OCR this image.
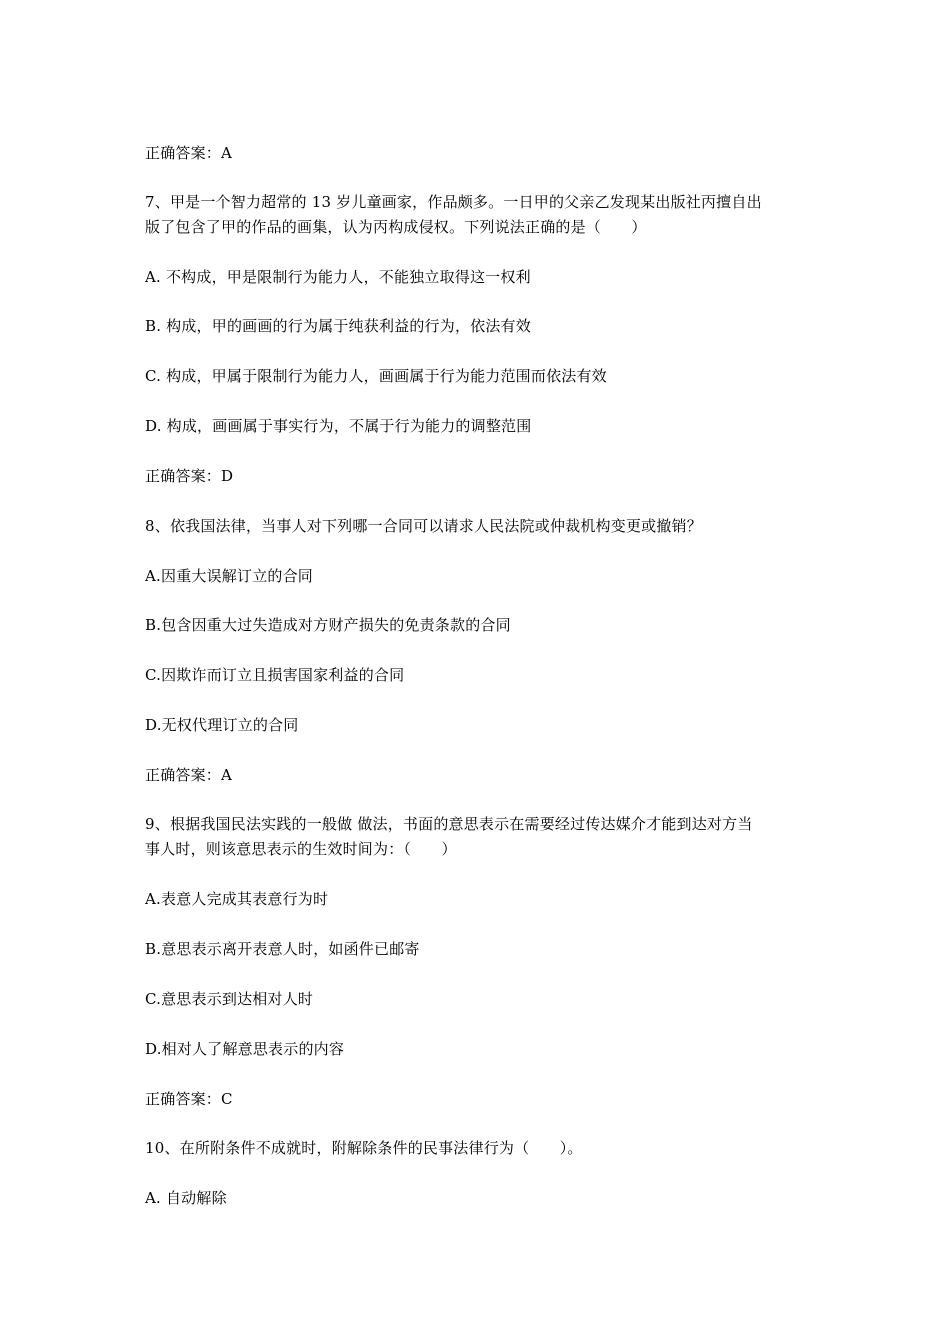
正确答案：A
7、甲是一个智力超常的 13 岁儿童画家，作品颇多。一日甲的父亲乙发现某出版社丙擅自出
版了包含了甲的作品的画集，认为丙构成侵权。下列说法正确的是（　　）
A. 不构成，甲是限制行为能力人，不能独立取得这一权利
B. 构成，甲的画画的行为属于纯获利益的行为，依法有效
C. 构成，甲属于限制行为能力人，画画属于行为能力范围而依法有效
D. 构成，画画属于事实行为，不属于行为能力的调整范围
正确答案：D
8、依我国法律，当事人对下列哪一合同可以请求人民法院或仲裁机构变更或撤销？
A.因重大误解订立的合同
B.包含因重大过失造成对方财产损失的免责条款的合同
C.因欺诈而订立且损害国家利益的合同
D.无权代理订立的合同
正确答案：A
9、根据我国民法实践的一般做 做法，书面的意思表示在需要经过传达媒介才能到达对方当
事人时，则该意思表示的生效时间为：（　　）
A.表意人完成其表意行为时
B.意思表示离开表意人时，如函件已邮寄
C.意思表示到达相对人时
D.相对人了解意思表示的内容
正确答案：C
10、在所附条件不成就时，附解除条件的民事法律行为（　　）。
A. 自动解除
